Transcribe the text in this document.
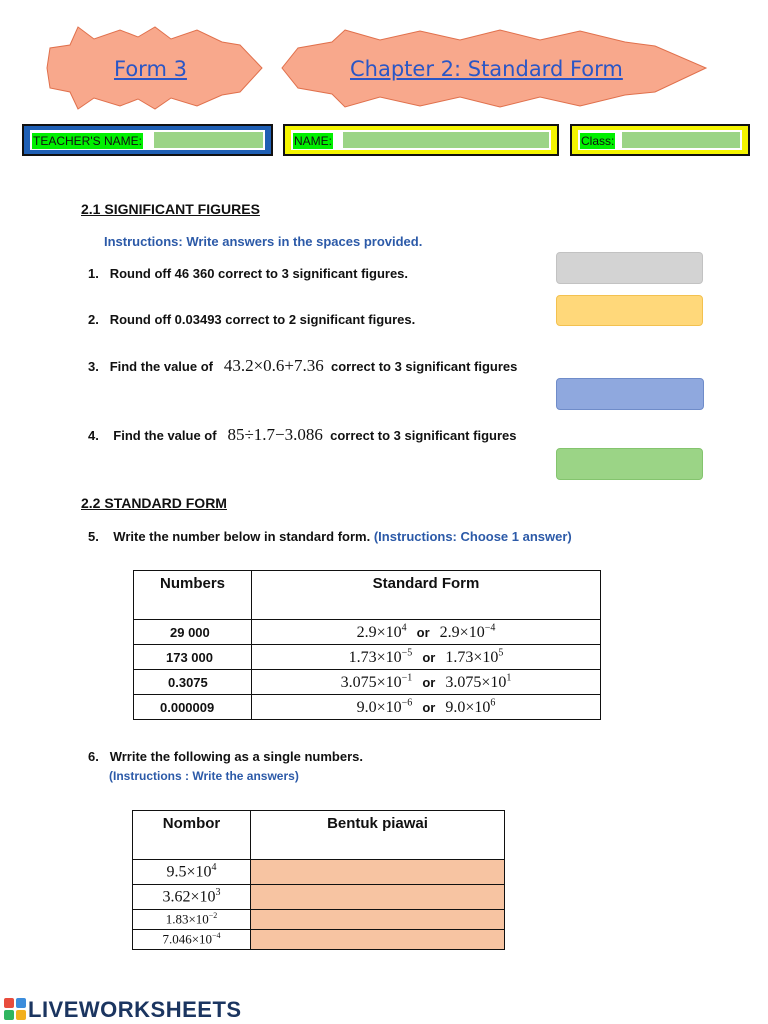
Form 3	Chapter 2: Standard Form
TEACHER'S NAME:	NAME:	Class:
2.1 SIGNIFICANT FIGURES
Instructions: Write answers in the spaces provided.
1. Round off 46 360 correct to 3 significant figures.
2. Round off 0.03493 correct to 2 significant figures.
3. Find the value of 43.2×0.6+7.36 correct to 3 significant figures
4. Find the value of 85÷1.7−3.086 correct to 3 significant figures
2.2 STANDARD FORM
5. Write the number below in standard form. (Instructions: Choose 1 answer)
Numbers	Standard Form
29 000	$2.9\times 10^4$ or $2.9\times 10^{-4}$
173 000	$1.73\times 10^{-5}$ or $1.73\times 10^5$
0.3075	$3.075\times 10^{-1}$ or $3.075\times 10^1$
0.000009	$9.0\times 10^{-6}$ or $9.0\times 10^6$
6. Wrrite the following as a single numbers.
(Instructions : Write the answers)
Nombor	Bentuk piawai
$9.5\times 10^4$	
$3.62\times 10^3$	
$1.83\times 10^{-2}$	
$7.046\times 10^{-4}$	
LIVEWORKSHEETS
